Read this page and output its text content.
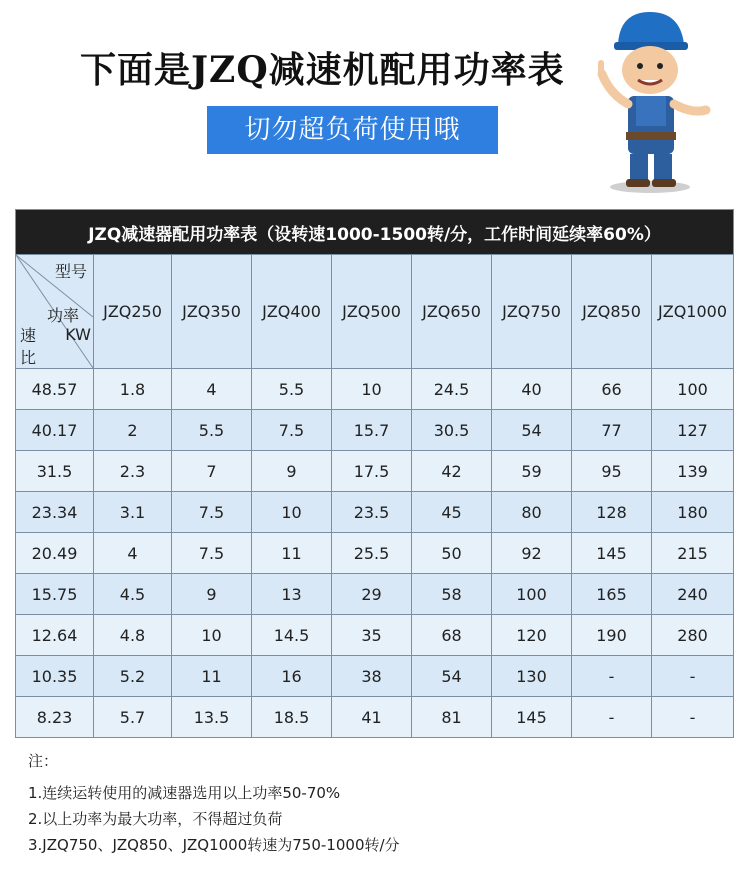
下面是JZQ减速机配用功率表
切勿超负荷使用哦
JZQ减速器配用功率表（设转速1000-1500转/分，工作时间延续率60%）								

型号
功率
KW
速
比	JZQ250	JZQ350	JZQ400	JZQ500	JZQ650	JZQ750	JZQ850	JZQ1000
48.57	1.8	4	5.5	10	24.5	40	66	100
40.17	2	5.5	7.5	15.7	30.5	54	77	127
31.5	2.3	7	9	17.5	42	59	95	139
23.34	3.1	7.5	10	23.5	45	80	128	180
20.49	4	7.5	11	25.5	50	92	145	215
15.75	4.5	9	13	29	58	100	165	240
12.64	4.8	10	14.5	35	68	120	190	280
10.35	5.2	11	16	38	54	130	-	-
8.23	5.7	13.5	18.5	41	81	145	-	-
注：
1.连续运转使用的减速器选用以上功率50-70%
2.以上功率为最大功率，不得超过负荷
3.JZQ750、JZQ850、JZQ1000转速为750-1000转/分
